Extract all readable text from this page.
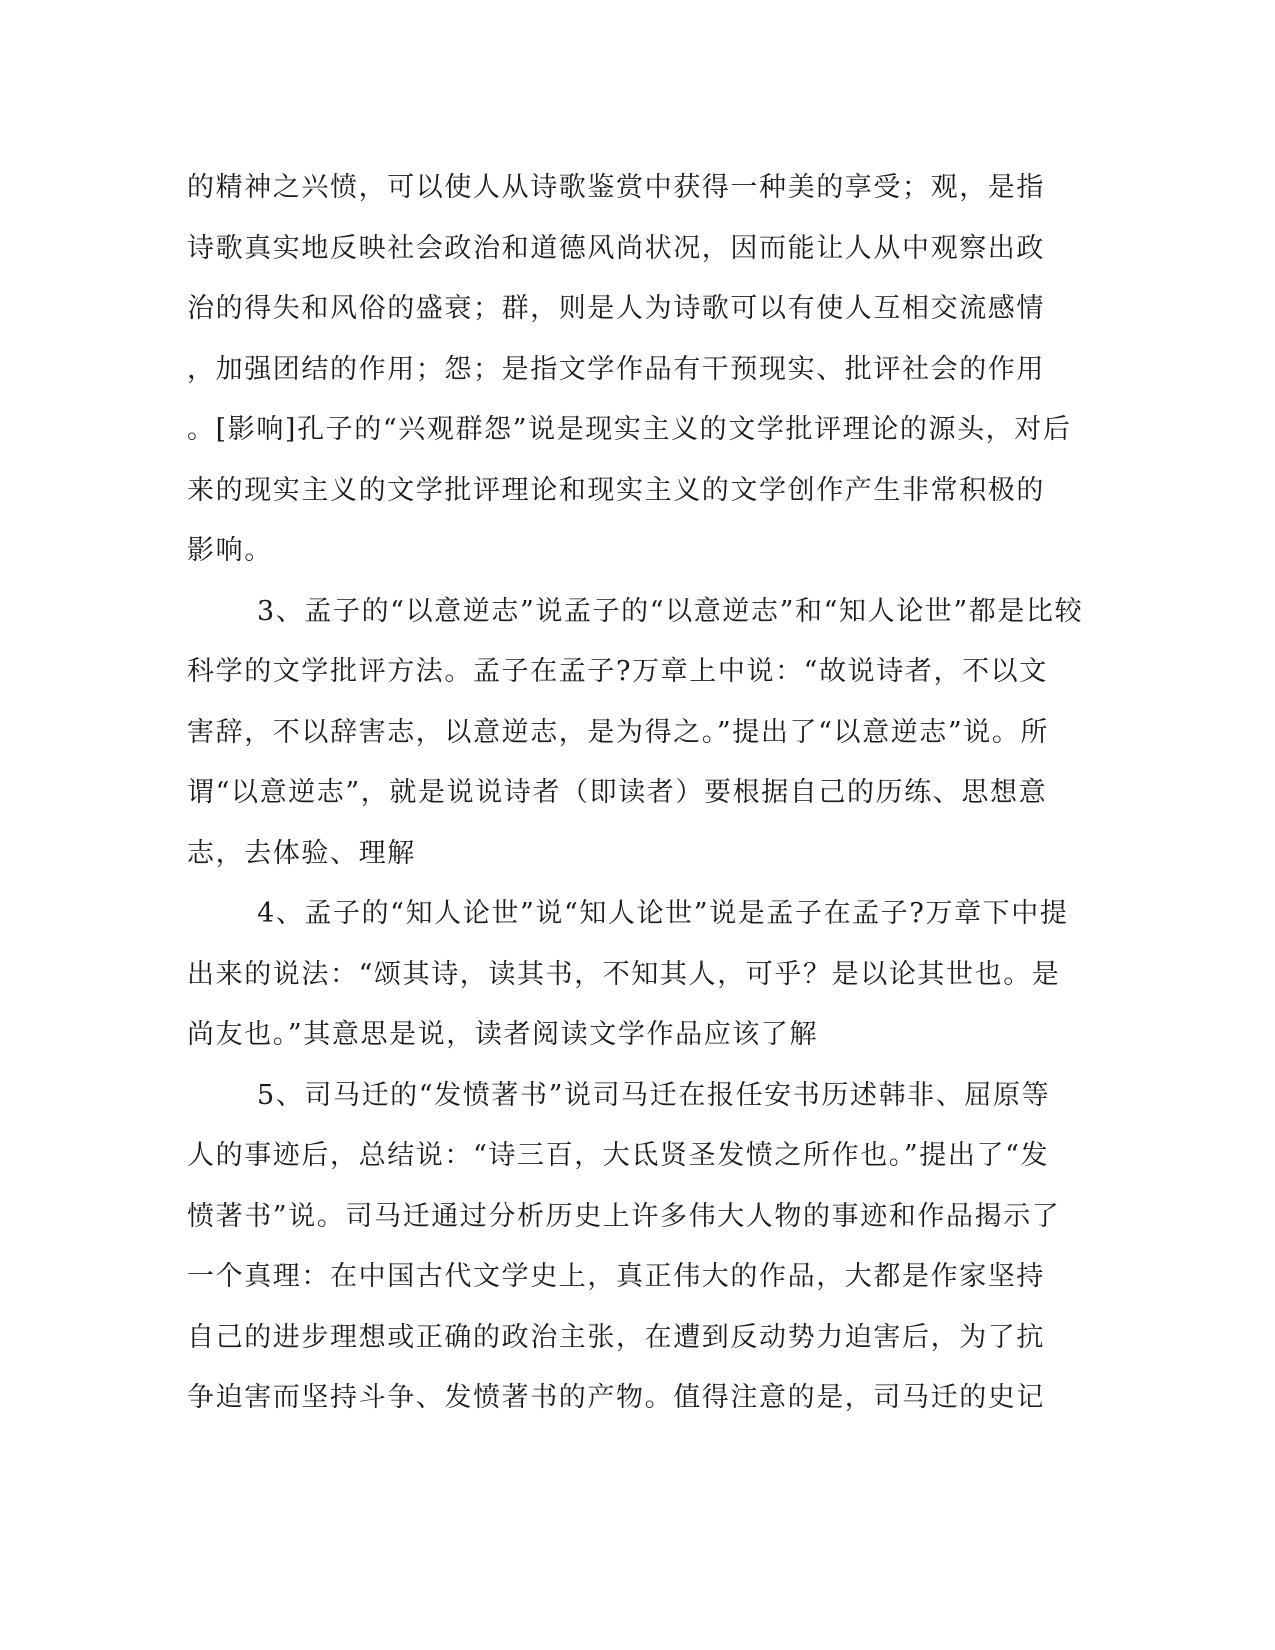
的精神之兴愤，可以使人从诗歌鉴赏中获得一种美的享受；观，是指
诗歌真实地反映社会政治和道德风尚状况，因而能让人从中观察出政
治的得失和风俗的盛衰；群，则是人为诗歌可以有使人互相交流感情
，加强团结的作用；怨；是指文学作品有干预现实、批评社会的作用
。[影响]孔子的“兴观群怨”说是现实主义的文学批评理论的源头，对后
来的现实主义的文学批评理论和现实主义的文学创作产生非常积极的
影响。
3、孟子的“以意逆志”说孟子的“以意逆志”和“知人论世”都是比较
科学的文学批评方法。孟子在孟子?万章上中说：“故说诗者，不以文
害辞，不以辞害志，以意逆志，是为得之。”提出了“以意逆志”说。所
谓“以意逆志”，就是说说诗者（即读者）要根据自己的历练、思想意
志，去体验、理解
4、孟子的“知人论世”说“知人论世”说是孟子在孟子?万章下中提
出来的说法：“颂其诗，读其书，不知其人，可乎？是以论其世也。是
尚友也。”其意思是说，读者阅读文学作品应该了解
5、司马迁的“发愤著书”说司马迁在报任安书历述韩非、屈原等
人的事迹后，总结说：“诗三百，大氐贤圣发愤之所作也。”提出了“发
愤著书”说。司马迁通过分析历史上许多伟大人物的事迹和作品揭示了
一个真理：在中国古代文学史上，真正伟大的作品，大都是作家坚持
自己的进步理想或正确的政治主张，在遭到反动势力迫害后，为了抗
争迫害而坚持斗争、发愤著书的产物。值得注意的是，司马迁的史记
